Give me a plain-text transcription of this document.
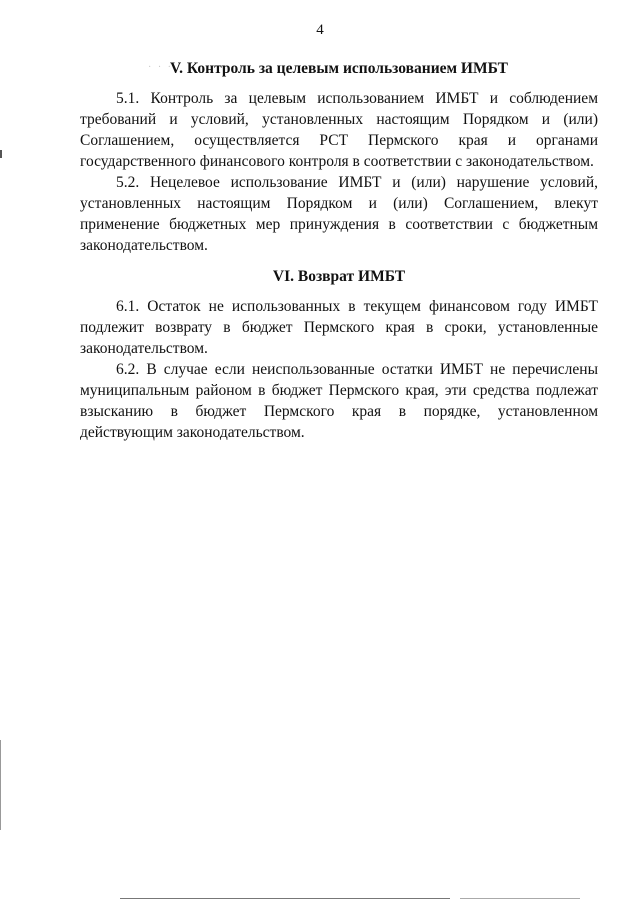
4
· · ·
V. Контроль за целевым использованием ИМБТ

5.1. Контроль за целевым использованием ИМБТ и соблюдением требований и условий, установленных настоящим Порядком и (или) Соглашением, осуществляется РСТ Пермского края и органами государственного финансового контроля в соответствии с законодательством.

5.2. Нецелевое использование ИМБТ и (или) нарушение условий, установленных настоящим Порядком и (или) Соглашением, влекут применение бюджетных мер принуждения в соответствии с бюджетным законодательством.

VI. Возврат ИМБТ

6.1. Остаток не использованных в текущем финансовом году ИМБТ подлежит возврату в бюджет Пермского края в сроки, установленные законодательством.

6.2. В случае если неиспользованные остатки ИМБТ не перечислены муниципальным районом в бюджет Пермского края, эти средства подлежат взысканию в бюджет Пермского края в порядке, установленном действующим законодательством.
